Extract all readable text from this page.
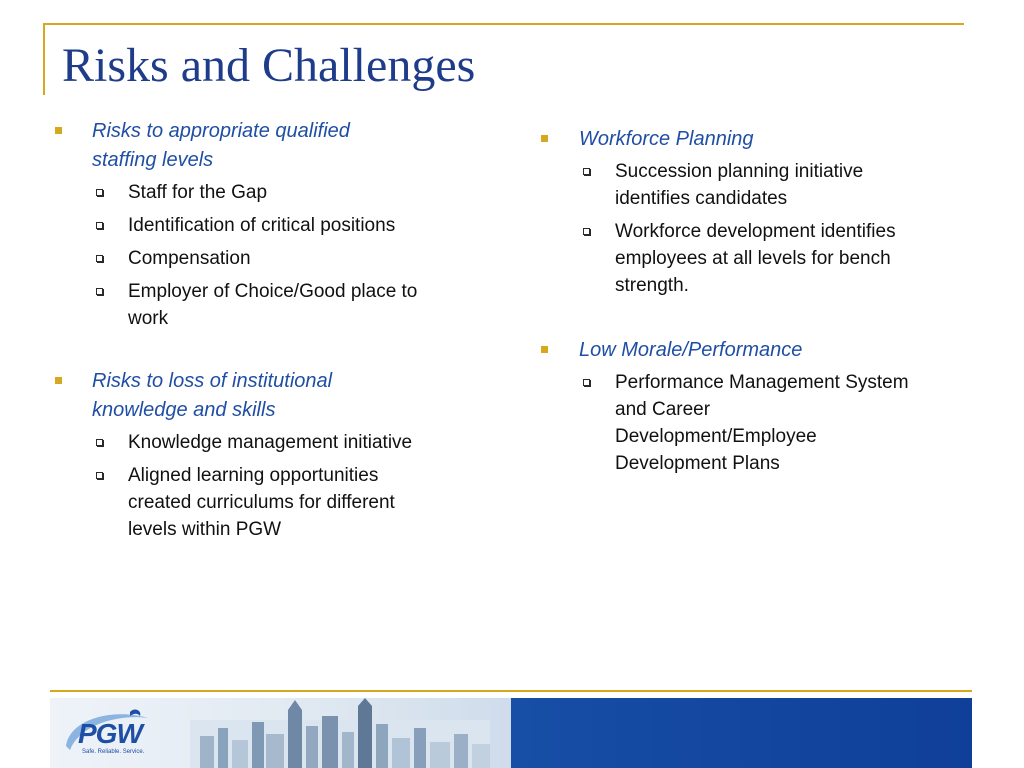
Risks and Challenges
Risks to appropriate qualified
staffing levels
Staff for the Gap
Identification of critical positions
Compensation
Employer of Choice/Good place to
work
Risks to loss of institutional
knowledge and skills
Knowledge management initiative
Aligned learning opportunities
created curriculums for different
levels within PGW
Workforce Planning
Succession planning initiative
identifies candidates
Workforce development identifies
employees at all levels for bench
strength.
Low Morale/Performance
Performance Management System
and Career
Development/Employee
Development Plans
PGW
Safe. Reliable. Service.
